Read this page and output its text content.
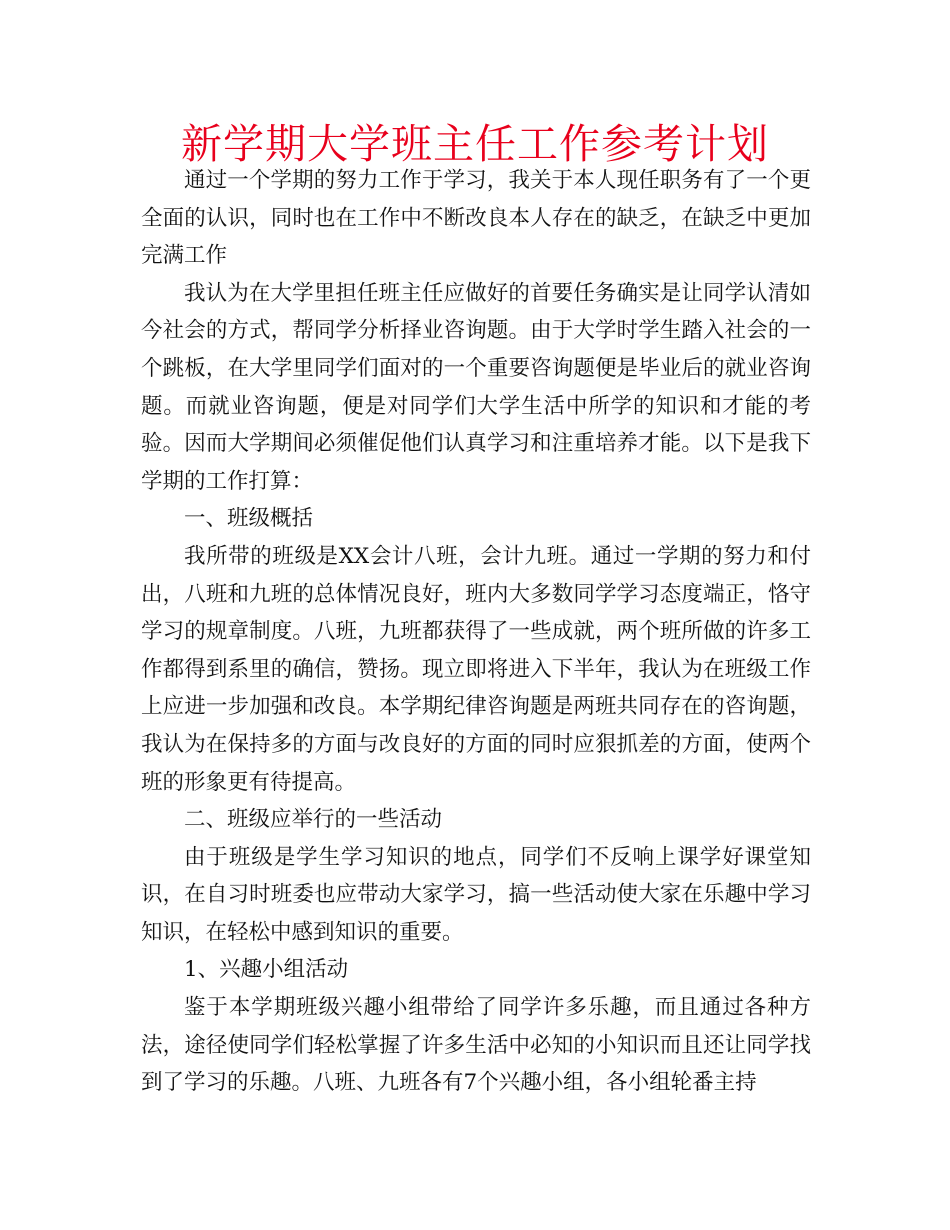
新学期大学班主任工作参考计划

通过一个学期的努力工作于学习，我关于本人现任职务有了一个更全面的认识，同时也在工作中不断改良本人存在的缺乏，在缺乏中更加完满工作

我认为在大学里担任班主任应做好的首要任务确实是让同学认清如今社会的方式，帮同学分析择业咨询题。由于大学时学生踏入社会的一个跳板，在大学里同学们面对的一个重要咨询题便是毕业后的就业咨询题。而就业咨询题，便是对同学们大学生活中所学的知识和才能的考验。因而大学期间必须催促他们认真学习和注重培养才能。以下是我下学期的工作打算：

一、班级概括

我所带的班级是XX会计八班，会计九班。通过一学期的努力和付出，八班和九班的总体情况良好，班内大多数同学学习态度端正，恪守学习的规章制度。八班，九班都获得了一些成就，两个班所做的许多工作都得到系里的确信，赞扬。现立即将进入下半年，我认为在班级工作上应进一步加强和改良。本学期纪律咨询题是两班共同存在的咨询题，我认为在保持多的方面与改良好的方面的同时应狠抓差的方面，使两个班的形象更有待提高。

二、班级应举行的一些活动

由于班级是学生学习知识的地点，同学们不反响上课学好课堂知识，在自习时班委也应带动大家学习，搞一些活动使大家在乐趣中学习知识，在轻松中感到知识的重要。

1、兴趣小组活动

鉴于本学期班级兴趣小组带给了同学许多乐趣，而且通过各种方法，途径使同学们轻松掌握了许多生活中必知的小知识而且还让同学找到了学习的乐趣。八班、九班各有7个兴趣小组，各小组轮番主持
